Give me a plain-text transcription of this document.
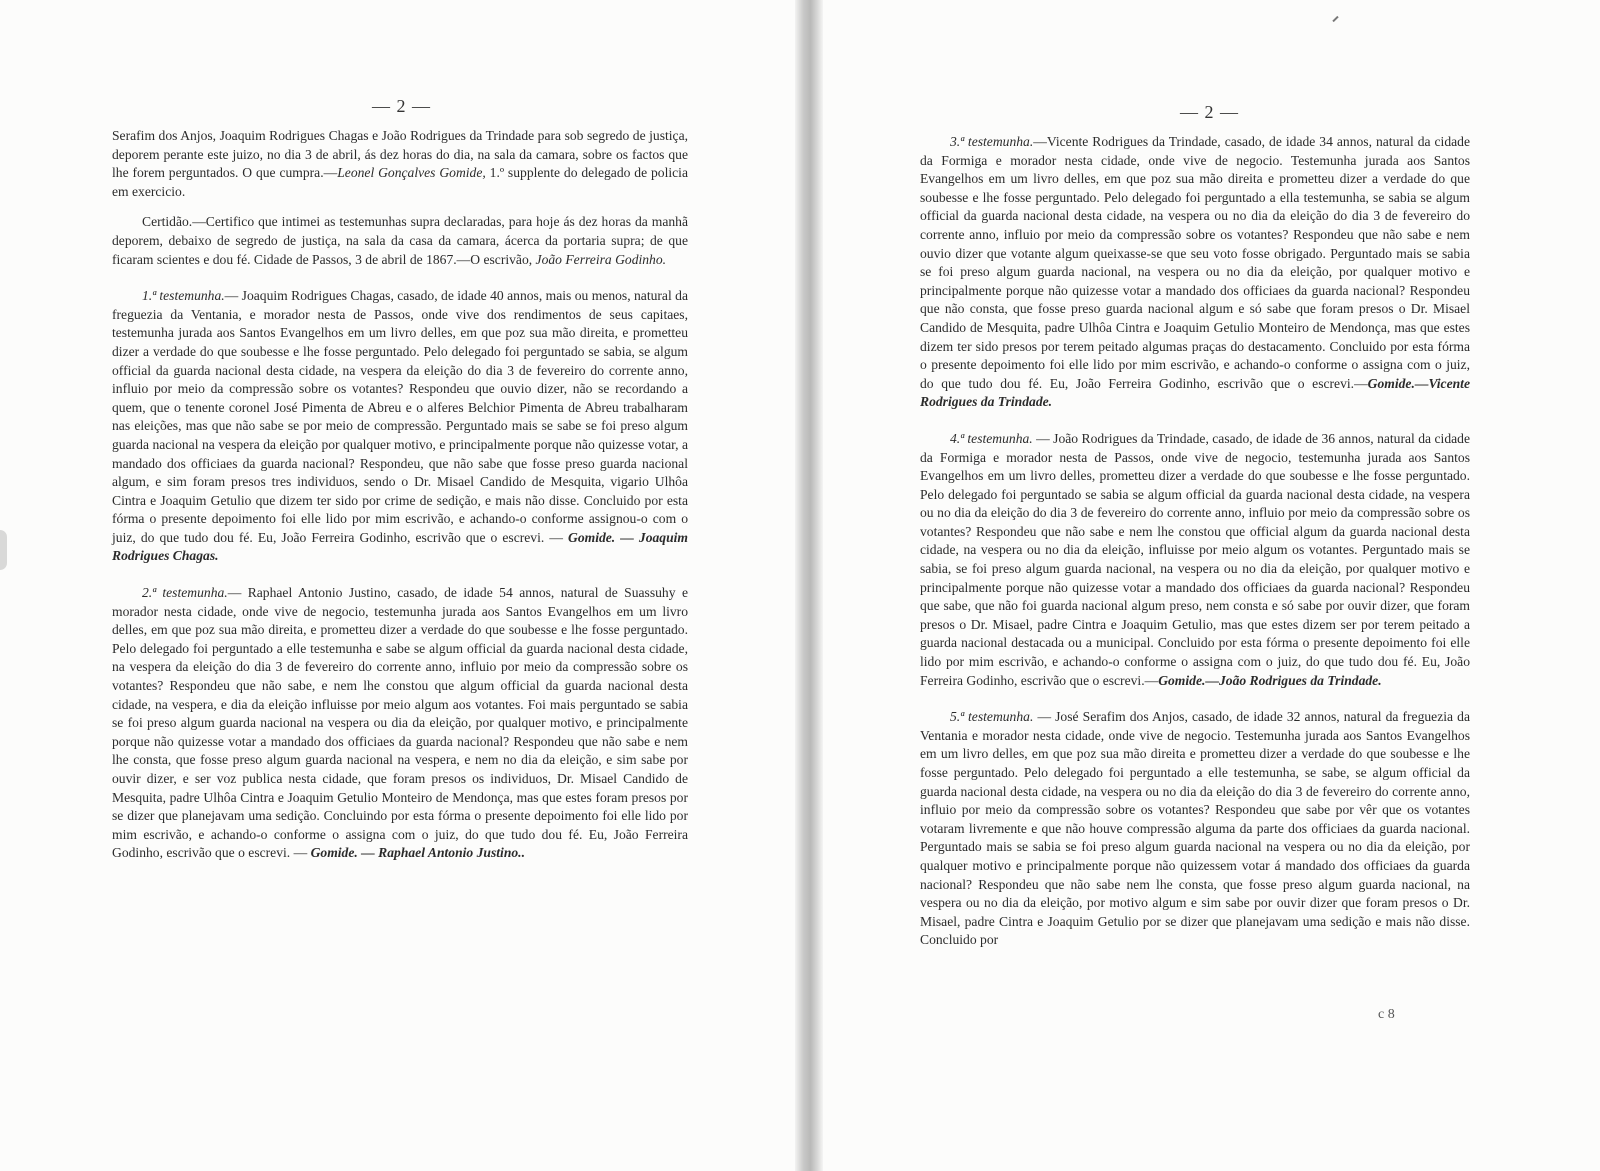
— 2 —

Serafim dos Anjos, Joaquim Rodrigues Chagas e João Rodrigues da Trindade para sob segredo de justiça, deporem perante este juizo, no dia 3 de abril, ás dez horas do dia, na sala da camara, sobre os factos que lhe forem perguntados. O que cumpra.—Leonel Gonçalves Gomide, 1.º supplente do delegado de policia em exercicio.

Certidão.—Certifico que intimei as testemunhas supra declaradas, para hoje ás dez horas da manhã deporem, debaixo de segredo de justiça, na sala da casa da camara, ácerca da portaria supra; de que ficaram scientes e dou fé. Cidade de Passos, 3 de abril de 1867.—O escrivão, João Ferreira Godinho.

1.ª testemunha.— Joaquim Rodrigues Chagas, casado, de idade 40 annos, mais ou menos, natural da freguezia da Ventania, e morador nesta de Passos, onde vive dos rendimentos de seus capitaes, testemunha jurada aos Santos Evangelhos em um livro delles, em que poz sua mão direita, e prometteu dizer a verdade do que soubesse e lhe fosse perguntado. Pelo delegado foi perguntado se sabia, se algum official da guarda nacional desta cidade, na vespera da eleição do dia 3 de fevereiro do corrente anno, influio por meio da compressão sobre os votantes? Respondeu que ouvio dizer, não se recordando a quem, que o tenente coronel José Pimenta de Abreu e o alferes Belchior Pimenta de Abreu trabalharam nas eleições, mas que não sabe se por meio de compressão. Perguntado mais se sabe se foi preso algum guarda nacional na vespera da eleição por qualquer motivo, e principalmente porque não quizesse votar, a mandado dos officiaes da guarda nacional? Respondeu, que não sabe que fosse preso guarda nacional algum, e sim foram presos tres individuos, sendo o Dr. Misael Candido de Mesquita, vigario Ulhôa Cintra e Joaquim Getulio que dizem ter sido por crime de sedição, e mais não disse. Concluido por esta fórma o presente depoimento foi elle lido por mim escrivão, e achando-o conforme assignou-o com o juiz, do que tudo dou fé. Eu, João Ferreira Godinho, escrivão que o escrevi. — Gomide. — Joaquim Rodrigues Chagas.

2.ª testemunha.— Raphael Antonio Justino, casado, de idade 54 annos, natural de Suassuhy e morador nesta cidade, onde vive de negocio, testemunha jurada aos Santos Evangelhos em um livro delles, em que poz sua mão direita, e prometteu dizer a verdade do que soubesse e lhe fosse perguntado. Pelo delegado foi perguntado a elle testemunha e sabe se algum official da guarda nacional desta cidade, na vespera da eleição do dia 3 de fevereiro do corrente anno, influio por meio da compressão sobre os votantes? Respondeu que não sabe, e nem lhe constou que algum official da guarda nacional desta cidade, na vespera, e dia da eleição influisse por meio algum aos votantes. Foi mais perguntado se sabia se foi preso algum guarda nacional na vespera ou dia da eleição, por qualquer motivo, e principalmente porque não quizesse votar a mandado dos officiaes da guarda nacional? Respondeu que não sabe e nem lhe consta, que fosse preso algum guarda nacional na vespera, e nem no dia da eleição, e sim sabe por ouvir dizer, e ser voz publica nesta cidade, que foram presos os individuos, Dr. Misael Candido de Mesquita, padre Ulhôa Cintra e Joaquim Getulio Monteiro de Mendonça, mas que estes foram presos por se dizer que planejavam uma sedição. Concluindo por esta fórma o presente depoimento foi elle lido por mim escrivão, e achando-o conforme o assigna com o juiz, do que tudo dou fé. Eu, João Ferreira Godinho, escrivão que o escrevi. — Gomide. — Raphael Antonio Justino..

— 2 —

3.ª testemunha.—Vicente Rodrigues da Trindade, casado, de idade 34 annos, natural da cidade da Formiga e morador nesta cidade, onde vive de negocio. Testemunha jurada aos Santos Evangelhos em um livro delles, em que poz sua mão direita e prometteu dizer a verdade do que soubesse e lhe fosse perguntado. Pelo delegado foi perguntado a ella testemunha, se sabia se algum official da guarda nacional desta cidade, na vespera ou no dia da eleição do dia 3 de fevereiro do corrente anno, influio por meio da compressão sobre os votantes? Respondeu que não sabe e nem ouvio dizer que votante algum queixasse-se que seu voto fosse obrigado. Perguntado mais se sabia se foi preso algum guarda nacional, na vespera ou no dia da eleição, por qualquer motivo e principalmente porque não quizesse votar a mandado dos officiaes da guarda nacional? Respondeu que não consta, que fosse preso guarda nacional algum e só sabe que foram presos o Dr. Misael Candido de Mesquita, padre Ulhôa Cintra e Joaquim Getulio Monteiro de Mendonça, mas que estes dizem ter sido presos por terem peitado algumas praças do destacamento. Concluido por esta fórma o presente depoimento foi elle lido por mim escrivão, e achando-o conforme o assigna com o juiz, do que tudo dou fé. Eu, João Ferreira Godinho, escrivão que o escrevi.—Gomide.—Vicente Rodrigues da Trindade.

4.ª testemunha. — João Rodrigues da Trindade, casado, de idade de 36 annos, natural da cidade da Formiga e morador nesta de Passos, onde vive de negocio, testemunha jurada aos Santos Evangelhos em um livro delles, prometteu dizer a verdade do que soubesse e lhe fosse perguntado. Pelo delegado foi perguntado se sabia se algum official da guarda nacional desta cidade, na vespera ou no dia da eleição do dia 3 de fevereiro do corrente anno, influio por meio da compressão sobre os votantes? Respondeu que não sabe e nem lhe constou que official algum da guarda nacional desta cidade, na vespera ou no dia da eleição, influisse por meio algum os votantes. Perguntado mais se sabia, se foi preso algum guarda nacional, na vespera ou no dia da eleição, por qualquer motivo e principalmente porque não quizesse votar a mandado dos officiaes da guarda nacional? Respondeu que sabe, que não foi guarda nacional algum preso, nem consta e só sabe por ouvir dizer, que foram presos o Dr. Misael, padre Cintra e Joaquim Getulio, mas que estes dizem ser por terem peitado a guarda nacional destacada ou a municipal. Concluido por esta fórma o presente depoimento foi elle lido por mim escrivão, e achando-o conforme o assigna com o juiz, do que tudo dou fé. Eu, João Ferreira Godinho, escrivão que o escrevi.—Gomide.—João Rodrigues da Trindade.

5.ª testemunha. — José Serafim dos Anjos, casado, de idade 32 annos, natural da freguezia da Ventania e morador nesta cidade, onde vive de negocio. Testemunha jurada aos Santos Evangelhos em um livro delles, em que poz sua mão direita e prometteu dizer a verdade do que soubesse e lhe fosse perguntado. Pelo delegado foi perguntado a elle testemunha, se sabe, se algum official da guarda nacional desta cidade, na vespera ou no dia da eleição do dia 3 de fevereiro do corrente anno, influio por meio da compressão sobre os votantes? Respondeu que sabe por vêr que os votantes votaram livremente e que não houve compressão alguma da parte dos officiaes da guarda nacional. Perguntado mais se sabia se foi preso algum guarda nacional na vespera ou no dia da eleição, por qualquer motivo e principalmente porque não quizessem votar á mandado dos officiaes da guarda nacional? Respondeu que não sabe nem lhe consta, que fosse preso algum guarda nacional, na vespera ou no dia da eleição, por motivo algum e sim sabe por ouvir dizer que foram presos o Dr. Misael, padre Cintra e Joaquim Getulio por se dizer que planejavam uma sedição e mais não disse. Concluido por

c 8
